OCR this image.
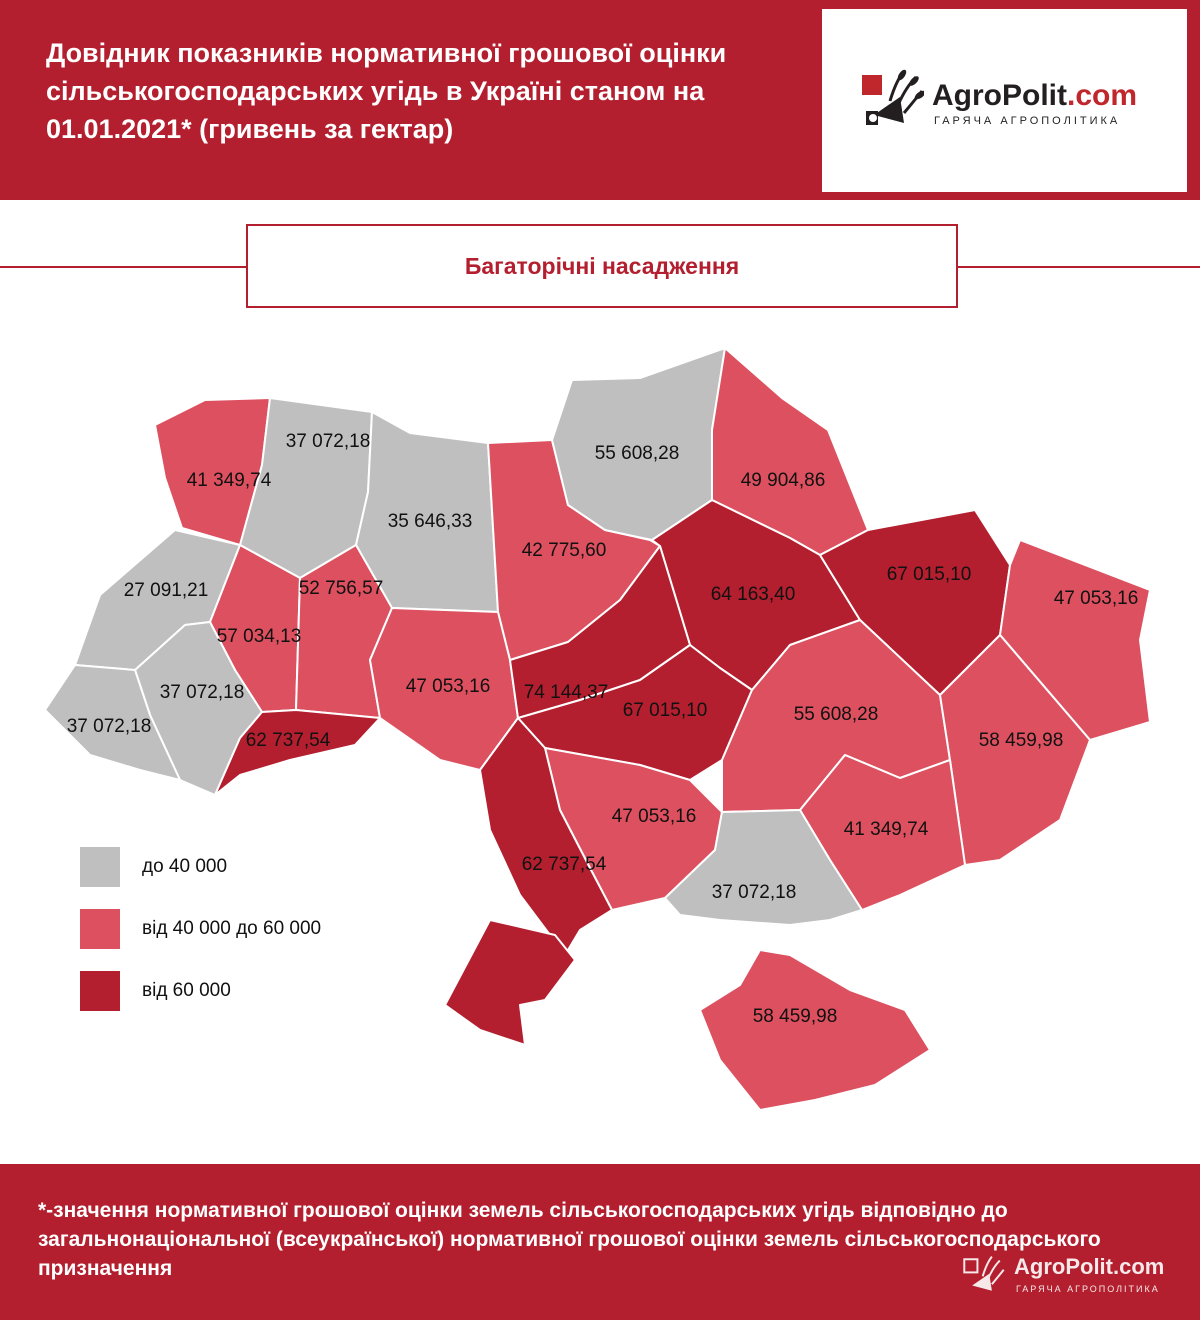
Довідник показників нормативної грошової оцінки сільськогосподарських угідь в Україні станом на 01.01.2021* (гривень за гектар)
AgroPolit.com
ГАРЯЧА АГРОПОЛІТИКА
Багаторічні насадження
41 349,74
37 072,18
35 646,33
42 775,60
55 608,28
49 904,86
27 091,21
57 034,13
52 756,57	64 163,40
67 015,10
47 053,16
37 072,18
37 072,18
62 737,54
47 053,16 74 144,37
67 015,10	55 608,28
58 459,98
47 053,16
62 737,54
41 349,74
37 072,18
58 459,98
до 40 000
від 40 000 до 60 000
від 60 000
*-значення нормативної грошової оцінки земель сільськогосподарських угідь відповідно до загальнонаціональної (всеукраїнської) нормативної грошової оцінки земель сільськогосподарського призначення	AgroPolit.com
ГАРЯЧА АГРОПОЛІТИКА
